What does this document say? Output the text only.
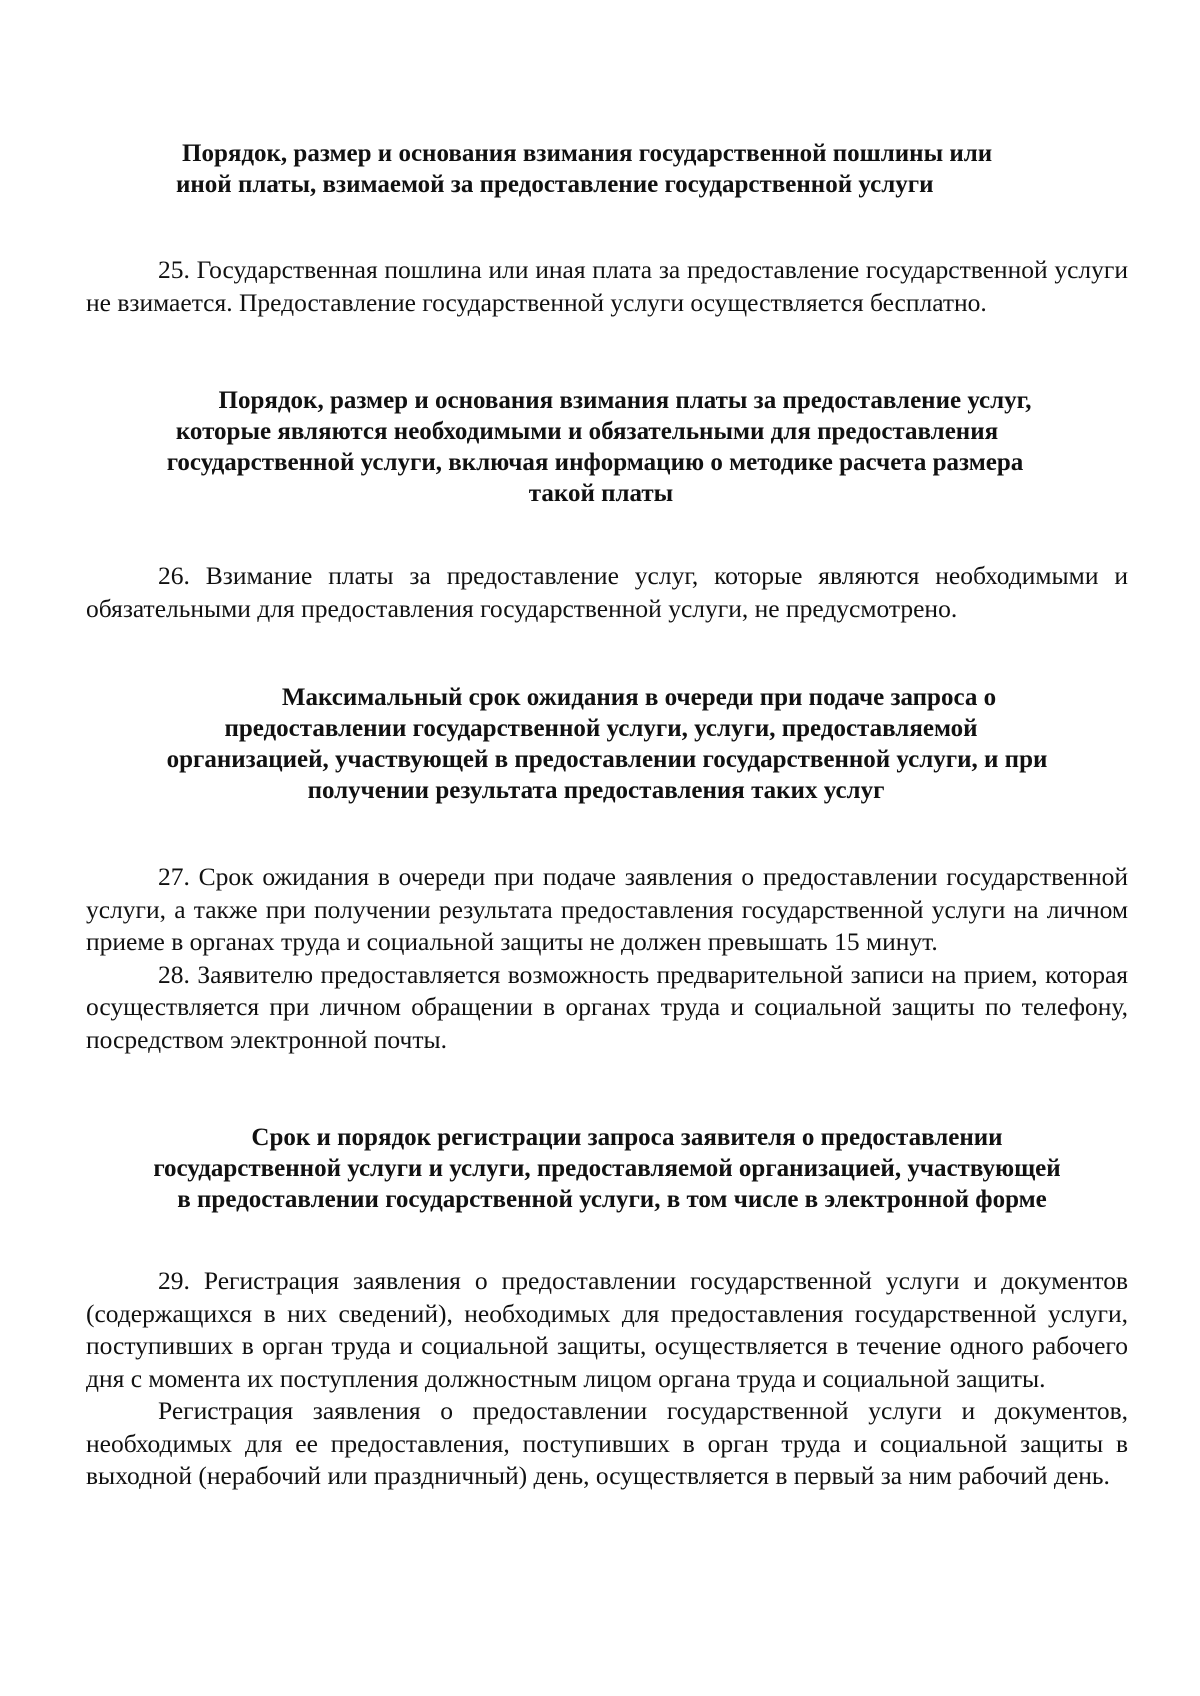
Порядок, размер и основания взимания государственной пошлины или
иной платы, взимаемой за предоставление государственной услуги

25. Государственная пошлина или иная плата за предоставление государственной услуги не взимается. Предоставление государственной услуги осуществляется бесплатно.

Порядок, размер и основания взимания платы за предоставление услуг,
которые являются необходимыми и обязательными для предоставления
государственной услуги, включая информацию о методике расчета размера
такой платы

26. Взимание платы за предоставление услуг, которые являются необходимыми и обязательными для предоставления государственной услуги, не предусмотрено.

Максимальный срок ожидания в очереди при подаче запроса о
предоставлении государственной услуги, услуги, предоставляемой
организацией, участвующей в предоставлении государственной услуги, и при
получении результата предоставления таких услуг

27. Срок ожидания в очереди при подаче заявления о предоставлении государственной услуги, а также при получении результата предоставления государственной услуги на личном приеме в органах труда и социальной защиты не должен превышать 15 минут.

28. Заявителю предоставляется возможность предварительной записи на прием, которая осуществляется при личном обращении в органах труда и социальной защиты по телефону, посредством электронной почты.

Срок и порядок регистрации запроса заявителя о предоставлении
государственной услуги и услуги, предоставляемой организацией, участвующей
в предоставлении государственной услуги, в том числе в электронной форме

29. Регистрация заявления о предоставлении государственной услуги и документов (содержащихся в них сведений), необходимых для предоставления государственной услуги, поступивших в орган труда и социальной защиты, осуществляется в течение одного рабочего дня с момента их поступления должностным лицом органа труда и социальной защиты.

Регистрация заявления о предоставлении государственной услуги и документов, необходимых для ее предоставления, поступивших в орган труда и социальной защиты в выходной (нерабочий или праздничный) день, осуществляется в первый за ним рабочий день.
